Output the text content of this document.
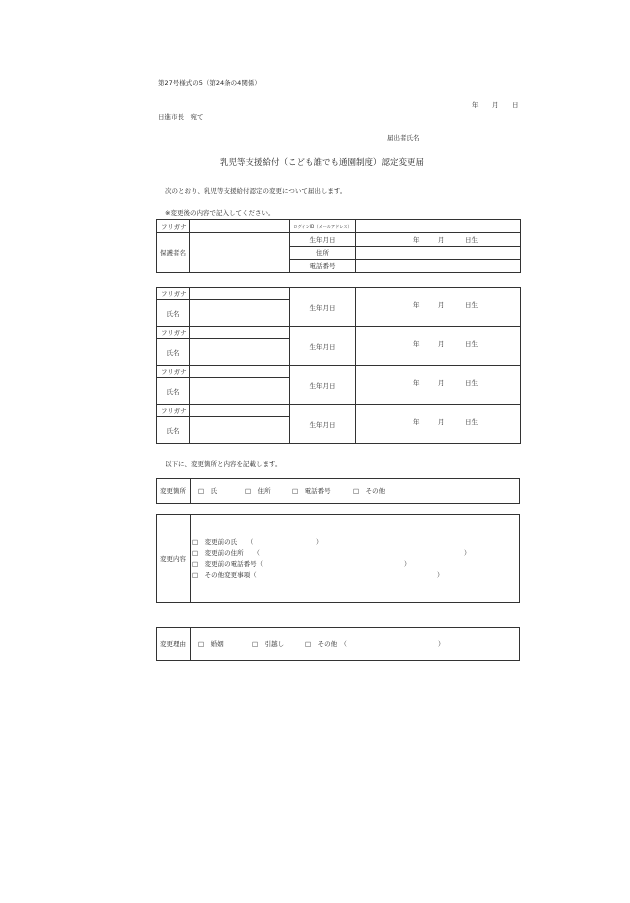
第27号様式の5（第24条の4関係）
年 月 日
日進市長　宛て
届出者氏名
乳児等支援給付（こども誰でも通園制度）認定変更届
次のとおり、乳児等支援給付認定の変更について届出します。
※変更後の内容で記入してください。
フリガナ		ログインID（メールアドレス）	
保護者名		生年月日	年 月 日生

		住所	
		電話番号	
フリガナ		生年月日	年 月 日生

氏名			
フリガナ		生年月日	年 月 日生

氏名			
フリガナ		生年月日	年 月 日生

氏名			
フリガナ		生年月日	年 月 日生

氏名			
以下に、変更箇所と内容を記載します。
変更箇所 □　氏	□　住所	□　電話番号	□　その他
変更内容
□　変更前の氏　　（	）
□　変更前の住所　　（	）
□　変更前の電話番号（	）
□　その他変更事項（	）
変更理由 □　婚姻	□　引越し	□　その他　（	）
